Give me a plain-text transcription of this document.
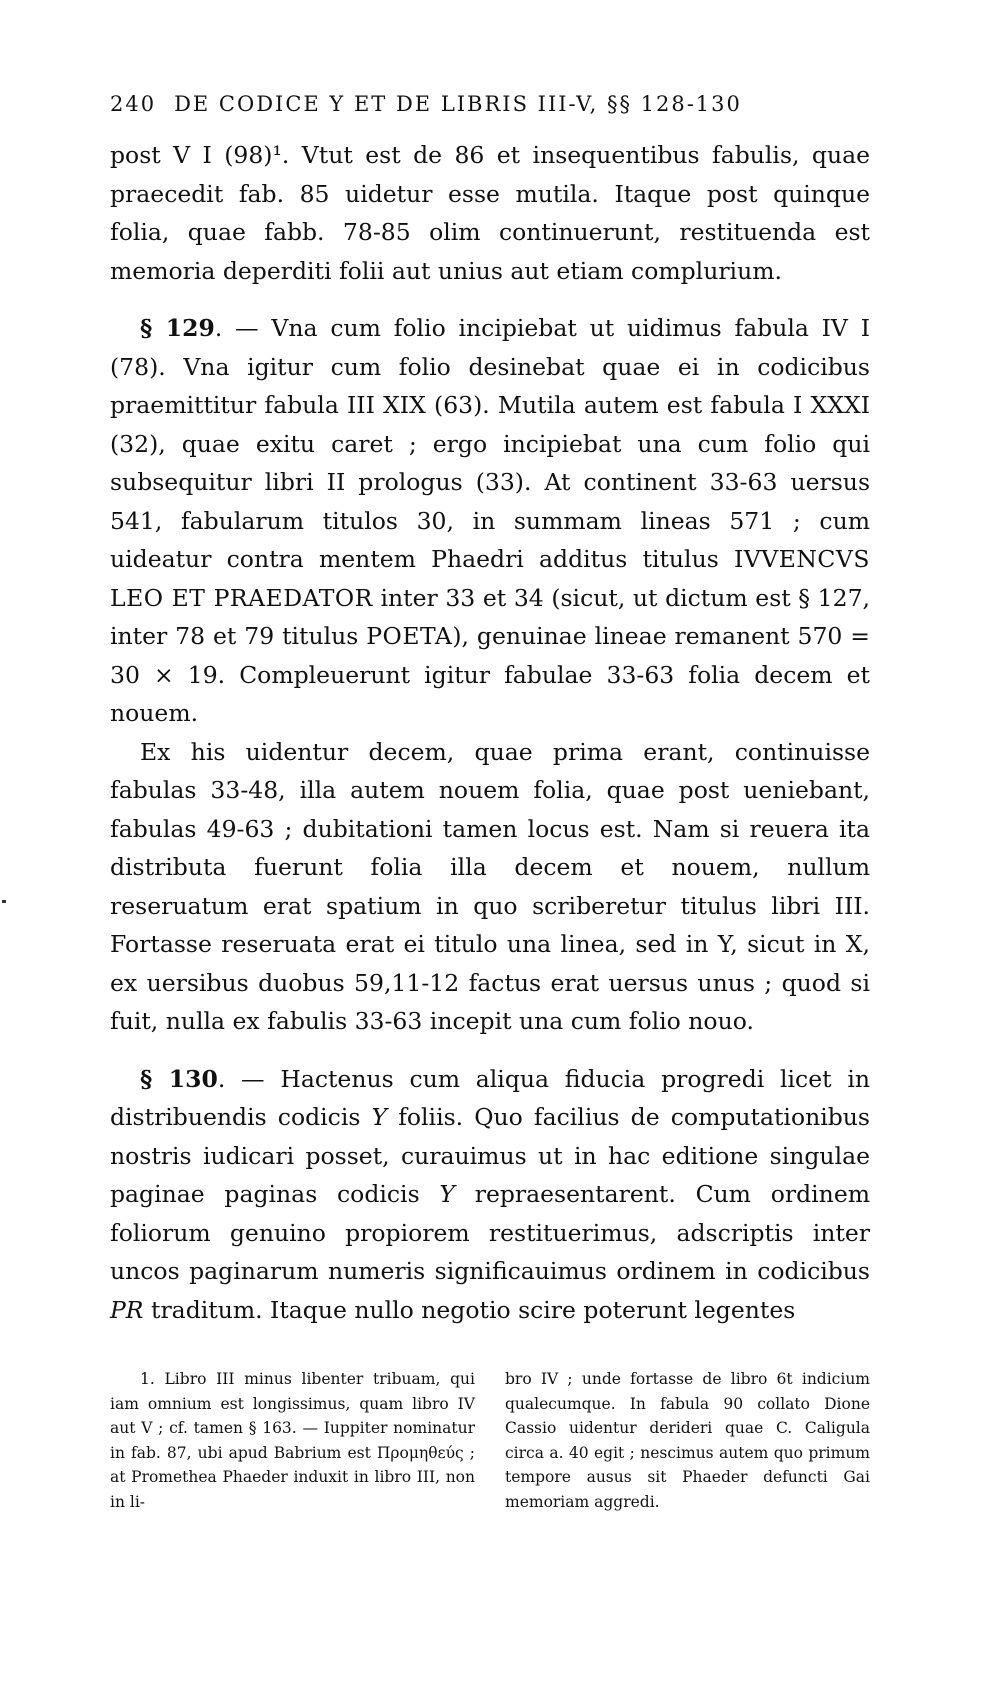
240 DE CODICE Y ET DE LIBRIS III-V, §§ 128-130

post V I (98)¹. Vtut est de 86 et insequentibus fabulis, quae praecedit fab. 85 uidetur esse mutila. Itaque post quinque folia, quae fabb. 78-85 olim continuerunt, restituenda est memoria deperditi folii aut unius aut etiam complurium.

§ 129. — Vna cum folio incipiebat ut uidimus fabula IV I (78). Vna igitur cum folio desinebat quae ei in codicibus praemittitur fabula III XIX (63). Mutila autem est fabula I XXXI (32), quae exitu caret ; ergo incipiebat una cum folio qui subsequitur libri II prologus (33). At continent 33-63 uersus 541, fabularum titulos 30, in summam lineas 571 ; cum uideatur contra mentem Phaedri additus titulus IVVENCVS LEO ET PRAEDATOR inter 33 et 34 (sicut, ut dictum est § 127, inter 78 et 79 titulus POETA), genuinae lineae remanent 570 = 30 × 19. Compleuerunt igitur fabulae 33-63 folia decem et nouem.

Ex his uidentur decem, quae prima erant, continuisse fabulas 33-48, illa autem nouem folia, quae post ueniebant, fabulas 49-63 ; dubitationi tamen locus est. Nam si reuera ita distributa fuerunt folia illa decem et nouem, nullum reseruatum erat spatium in quo scriberetur titulus libri III. Fortasse reseruata erat ei titulo una linea, sed in Y, sicut in X, ex uersibus duobus 59,11-12 factus erat uersus unus ; quod si fuit, nulla ex fabulis 33-63 incepit una cum folio nouo.

§ 130. — Hactenus cum aliqua fiducia progredi licet in distribuendis codicis Y foliis. Quo facilius de computationibus nostris iudicari posset, curauimus ut in hac editione singulae paginae paginas codicis Y repraesentarent. Cum ordinem foliorum genuino propiorem restituerimus, adscriptis inter uncos paginarum numeris significauimus ordinem in codicibus PR traditum. Itaque nullo negotio scire poterunt legentes

1. Libro III minus libenter tribuam, qui iam omnium est longissimus, quam libro IV aut V ; cf. tamen § 163. — Iuppiter nominatur in fab. 87, ubi apud Babrium est Προμηθεύς ; at Promethea Phaeder induxit in libro III, non in li-

bro IV ; unde fortasse de libro 6t indicium qualecumque. In fabula 90 collato Dione Cassio uidentur derideri quae C. Caligula circa a. 40 egit ; nescimus autem quo primum tempore ausus sit Phaeder defuncti Gai memoriam aggredi.
